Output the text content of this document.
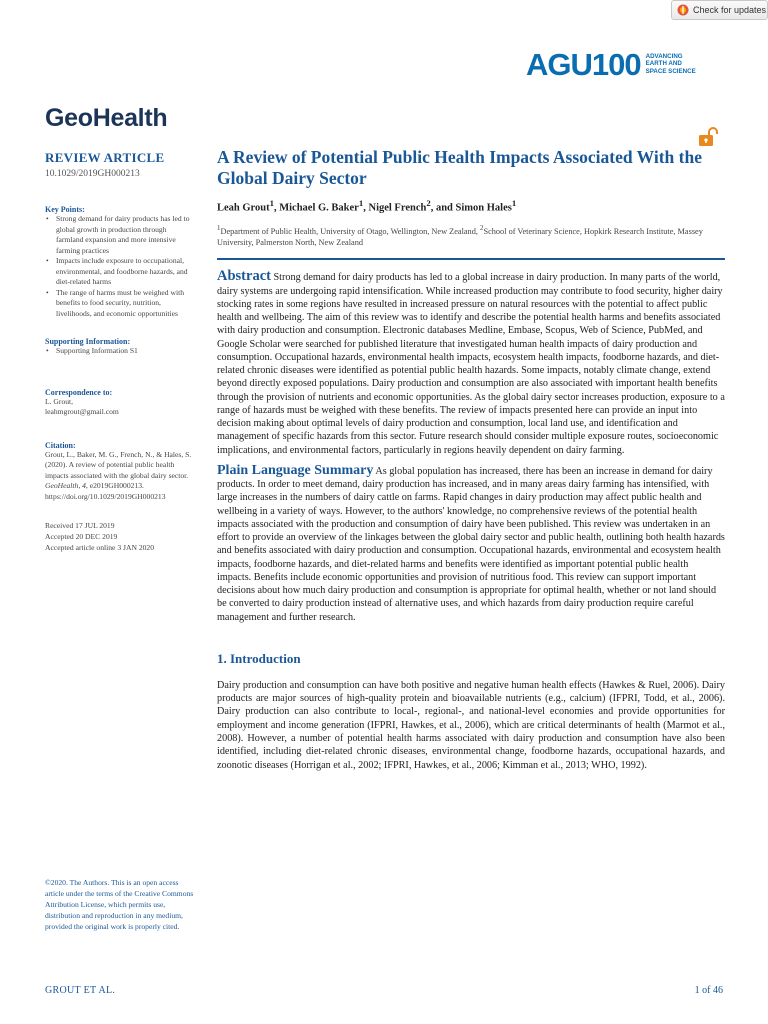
Check for updates
AGU100 ADVANCING
EARTH AND
SPACE SCIENCE
GeoHealth
REVIEW ARTICLE
10.1029/2019GH000213
Key Points:
• Strong demand for dairy products has led to global growth in production through farmland expansion and more intensive farming practices
• Impacts include exposure to occupational, environmental, and foodborne hazards, and diet-related harms
• The range of harms must be weighed with benefits to food security, nutrition, livelihoods, and economic opportunities
Supporting Information:
• Supporting Information S1
Correspondence to:
L. Grout,
leahmgrout@gmail.com
Citation:
Grout, L., Baker, M. G., French, N., & Hales, S. (2020). A review of potential public health impacts associated with the global dairy sector. GeoHealth, 4, e2019GH000213. https://doi.org/10.1029/2019GH000213
Received 17 JUL 2019
Accepted 20 DEC 2019
Accepted article online 3 JAN 2020
©2020. The Authors. This is an open access article under the terms of the Creative Commons Attribution License, which permits use, distribution and reproduction in any medium, provided the original work is properly cited.
A Review of Potential Public Health Impacts Associated With the Global Dairy Sector
Leah Grout$^1$, Michael G. Baker$^1$, Nigel French$^2$, and Simon Hales$^1$
$^1$Department of Public Health, University of Otago, Wellington, New Zealand, $^2$School of Veterinary Science, Hopkirk Research Institute, Massey University, Palmerston North, New Zealand

Abstract Strong demand for dairy products has led to a global increase in dairy production. In many parts of the world, dairy systems are undergoing rapid intensification. While increased production may contribute to food security, higher dairy stocking rates in some regions have resulted in increased pressure on natural resources with the potential to affect public health and wellbeing. The aim of this review was to identify and describe the potential health harms and benefits associated with dairy production and consumption. Electronic databases Medline, Embase, Scopus, Web of Science, PubMed, and Google Scholar were searched for published literature that investigated human health impacts of dairy production and consumption. Occupational hazards, environmental health impacts, ecosystem health impacts, foodborne hazards, and diet-related chronic diseases were identified as potential public health hazards. Some impacts, notably climate change, extend beyond directly exposed populations. Dairy production and consumption are also associated with important health benefits through the provision of nutrients and economic opportunities. As the global dairy sector increases production, exposure to a range of hazards must be weighed with these benefits. The review of impacts presented here can provide an input into decision making about optimal levels of dairy production and consumption, local land use, and identification and management of specific hazards from this sector. Future research should consider multiple exposure routes, socioeconomic implications, and environmental factors, particularly in regions heavily dependent on dairy farming.

Plain Language Summary As global population has increased, there has been an increase in demand for dairy products. In order to meet demand, dairy production has increased, and in many areas dairy farming has intensified, with large increases in the numbers of dairy cattle on farms. Rapid changes in dairy production may affect public health and wellbeing in a variety of ways. However, to the authors' knowledge, no comprehensive reviews of the potential health impacts associated with the production and consumption of dairy have been published. This review was undertaken in an effort to provide an overview of the linkages between the global dairy sector and public health, outlining both health hazards and benefits associated with dairy production and consumption. Occupational hazards, environmental and ecosystem health impacts, foodborne hazards, and diet-related harms and benefits were identified as important potential public health impacts. Benefits include economic opportunities and provision of nutritious food. This review can support important decisions about how much dairy production and consumption is appropriate for optimal health, whether or not land should be converted to dairy production instead of alternative uses, and which hazards from dairy production require careful management and further research.

1. Introduction

Dairy production and consumption can have both positive and negative human health effects (Hawkes & Ruel, 2006). Dairy products are major sources of high-quality protein and bioavailable nutrients (e.g., calcium) (IFPRI, Todd, et al., 2006). Dairy production can also contribute to local-, regional-, and national-level economies and provide opportunities for employment and income generation (IFPRI, Hawkes, et al., 2006), which are critical determinants of health (Marmot et al., 2008). However, a number of potential health harms associated with dairy production and consumption have also been identified, including diet-related chronic diseases, environmental change, foodborne hazards, occupational hazards, and zoonotic diseases (Horrigan et al., 2002; IFPRI, Hawkes, et al., 2006; Kimman et al., 2013; WHO, 1992).

GROUT ET AL.	1 of 46
